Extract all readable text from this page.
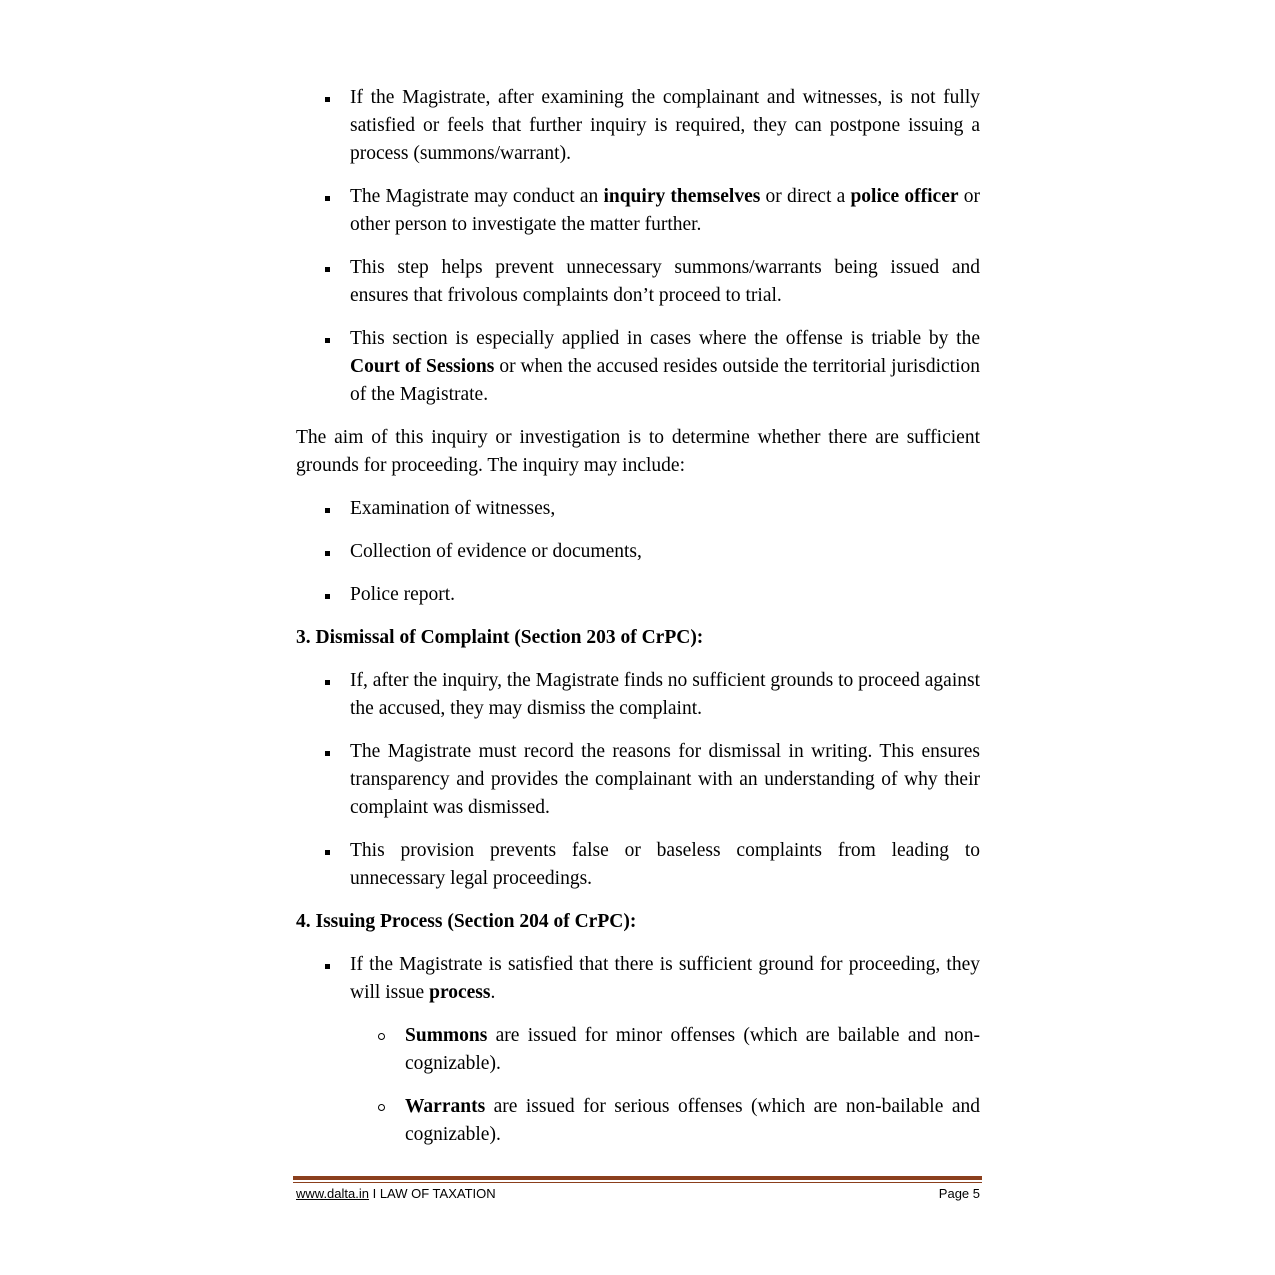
If the Magistrate, after examining the complainant and witnesses, is not fully satisfied or feels that further inquiry is required, they can postpone issuing a process (summons/warrant).
The Magistrate may conduct an inquiry themselves or direct a police officer or other person to investigate the matter further.
This step helps prevent unnecessary summons/warrants being issued and ensures that frivolous complaints don’t proceed to trial.
This section is especially applied in cases where the offense is triable by the Court of Sessions or when the accused resides outside the territorial jurisdiction of the Magistrate.

The aim of this inquiry or investigation is to determine whether there are sufficient grounds for proceeding. The inquiry may include:

Examination of witnesses,
Collection of evidence or documents,
Police report.
3. Dismissal of Complaint (Section 203 of CrPC):
If, after the inquiry, the Magistrate finds no sufficient grounds to proceed against the accused, they may dismiss the complaint.
The Magistrate must record the reasons for dismissal in writing. This ensures transparency and provides the complainant with an understanding of why their complaint was dismissed.
This provision prevents false or baseless complaints from leading to unnecessary legal proceedings.
4. Issuing Process (Section 204 of CrPC):
If the Magistrate is satisfied that there is sufficient ground for proceeding, they will issue process.
Summons are issued for minor offenses (which are bailable and non-cognizable).
Warrants are issued for serious offenses (which are non-bailable and cognizable).
www.dalta.in I LAW OF TAXATION	Page 5
